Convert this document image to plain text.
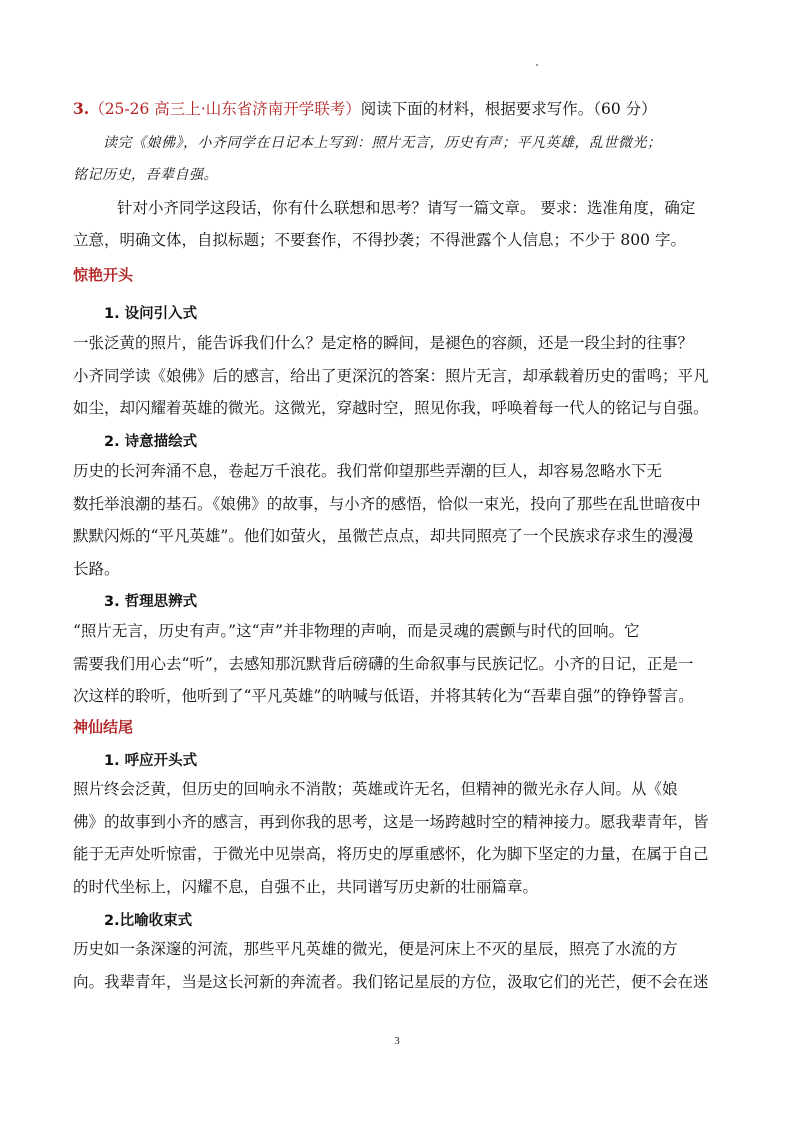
3.（25-26 高三上·山东省济南开学联考）阅读下面的材料，根据要求写作。（60 分）
读完《娘佛》，小齐同学在日记本上写到：照片无言，历史有声；平凡英雄，乱世微光；
铭记历史，吾辈自强。
针对小齐同学这段话，你有什么联想和思考？请写一篇文章。 要求：选准角度，确定
立意，明确文体，自拟标题；不要套作，不得抄袭；不得泄露个人信息；不少于 800 字。
惊艳开头
1. 设问引入式
一张泛黄的照片，能告诉我们什么？是定格的瞬间，是褪色的容颜，还是一段尘封的往事？
小齐同学读《娘佛》后的感言，给出了更深沉的答案：照片无言，却承载着历史的雷鸣；平凡
如尘，却闪耀着英雄的微光。这微光，穿越时空，照见你我，呼唤着每一代人的铭记与自强。
2. 诗意描绘式
历史的长河奔涌不息，卷起万千浪花。我们常仰望那些弄潮的巨人，却容易忽略水下无
数托举浪潮的基石。《娘佛》的故事，与小齐的感悟，恰似一束光，投向了那些在乱世暗夜中
默默闪烁的“平凡英雄”。他们如萤火，虽微芒点点，却共同照亮了一个民族求存求生的漫漫
长路。
3. 哲理思辨式
“照片无言，历史有声。”这“声”并非物理的声响，而是灵魂的震颤与时代的回响。它
需要我们用心去“听”，去感知那沉默背后磅礴的生命叙事与民族记忆。小齐的日记，正是一
次这样的聆听，他听到了“平凡英雄”的呐喊与低语，并将其转化为“吾辈自强”的铮铮誓言。
神仙结尾
1. 呼应开头式
照片终会泛黄，但历史的回响永不消散；英雄或许无名，但精神的微光永存人间。从《娘
佛》的故事到小齐的感言，再到你我的思考，这是一场跨越时空的精神接力。愿我辈青年，皆
能于无声处听惊雷，于微光中见崇高，将历史的厚重感怀，化为脚下坚定的力量，在属于自己
的时代坐标上，闪耀不息，自强不止，共同谱写历史新的壮丽篇章。
2.比喻收束式
历史如一条深邃的河流，那些平凡英雄的微光，便是河床上不灭的星辰，照亮了水流的方
向。我辈青年，当是这长河新的奔流者。我们铭记星辰的方位，汲取它们的光芒，便不会在迷
3
